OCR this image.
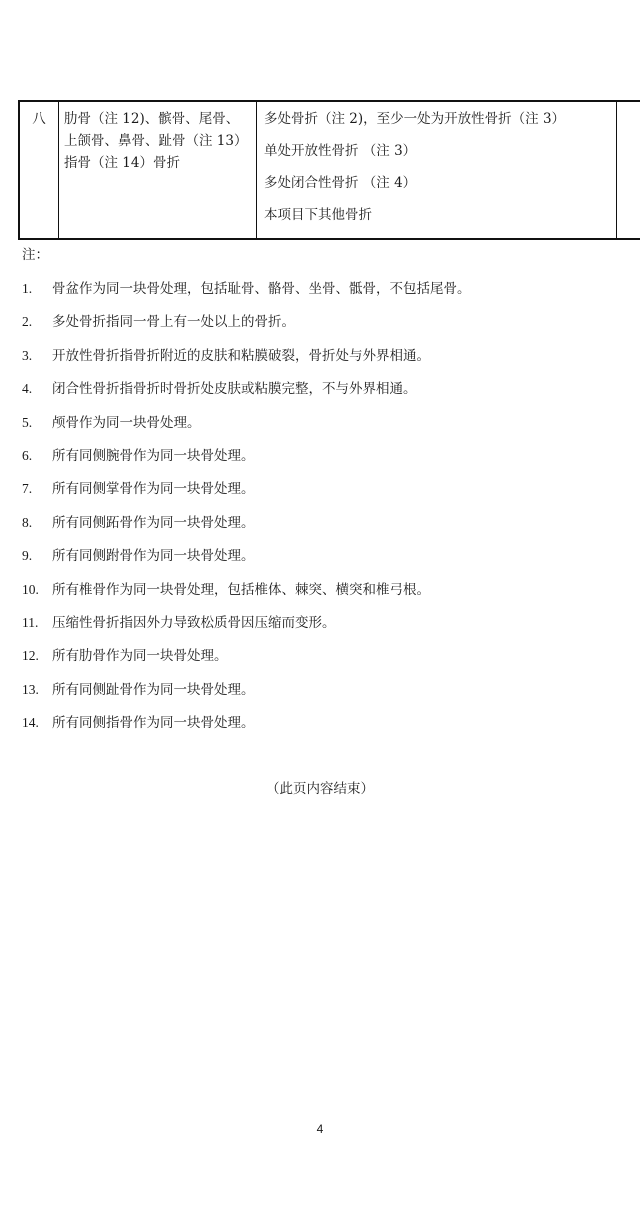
八	肋骨（注 12)、髌骨、尾骨、上颌骨、鼻骨、趾骨（注 13）指骨（注 14）骨折
多处骨折（注 2)，至少一处为开放性骨折（注 3）
单处开放性骨折 （注 3）
多处闭合性骨折 （注 4）
本项目下其他骨折
注：
1.	骨盆作为同一块骨处理，包括耻骨、骼骨、坐骨、骶骨，不包括尾骨。
2.	多处骨折指同一骨上有一处以上的骨折。
3.	开放性骨折指骨折附近的皮肤和粘膜破裂，骨折处与外界相通。
4.	闭合性骨折指骨折时骨折处皮肤或粘膜完整，不与外界相通。
5.	颅骨作为同一块骨处理。
6.	所有同侧腕骨作为同一块骨处理。
7.	所有同侧掌骨作为同一块骨处理。
8.	所有同侧跖骨作为同一块骨处理。
9.	所有同侧跗骨作为同一块骨处理。
10. 所有椎骨作为同一块骨处理，包括椎体、棘突、横突和椎弓根。
11.	压缩性骨折指因外力导致松质骨因压缩而变形。
12. 所有肋骨作为同一块骨处理。
13. 所有同侧趾骨作为同一块骨处理。
14. 所有同侧指骨作为同一块骨处理。
（此页内容结束）
4
